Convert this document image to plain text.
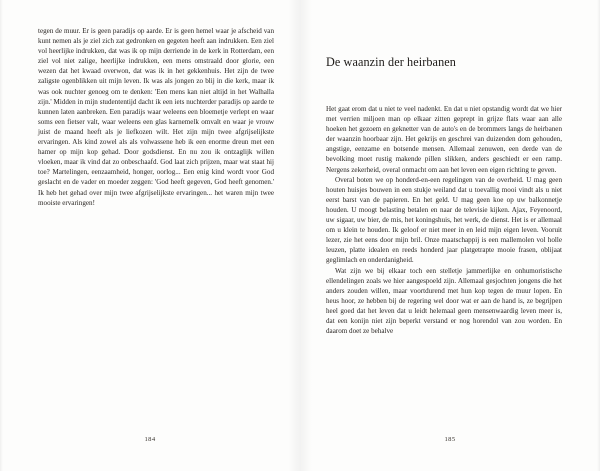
tegen de muur. Er is geen paradijs op aarde. Er is geen hemel waar je afscheid van kunt nemen als je ziel zich zat gedronken en gegeten heeft aan indrukken. Een ziel vol heerlijke indrukken, dat was ik op mijn derriende in de kerk in Rotterdam, een ziel vol niet zalige, heerlijke indrukken, een mens omstraald door glorie, een wezen dat het kwaad overwon, dat was ik in het gekkenhuis. Het zijn de twee zaligste ogenblikken uit mijn leven. Ik was als jongen zo blij in die kerk, maar ik was ook nuchter genoeg om te denken: 'Een mens kan niet altijd in het Walhalla zijn.' Midden in mijn studententijd dacht ik een iets nuchterder paradijs op aarde te kunnen laten aanbreken. Een paradijs waar weleens een bloemetje verlept en waar soms een fietser valt, waar weleens een glas karnemelk omvalt en waar je vrouw juist de maand heeft als je liefkozen wilt. Het zijn mijn twee afgrijselijkste ervaringen. Als kind zowel als als volwassene heb ik een enorme dreun met een hamer op mijn kop gehad. Door godsdienst. En nu zou ik ontzaglijk willen vloeken, maar ik vind dat zo onbeschaafd. God laat zich prijzen, maar wat staat hij toe? Martelingen, eenzaamheid, honger, oorlog... Een enig kind wordt voor God geslacht en de vader en moeder zeggen: 'God heeft gegeven, God heeft genomen.' Ik heb het gehad over mijn twee afgrijselijkste ervaringen... het waren mijn twee mooiste ervaringen!

184
De waanzin der heirbanen

Het gaat erom dat u niet te veel nadenkt. En dat u niet opstandig wordt dat we hier met verrien miljoen man op elkaar zitten geprept in grijze flats waar aan alle hoeken het gezoem en geknetter van de auto's en de brommers langs de heirbanen der waanzin hoorbaar zijn. Het gekrijs en geschrei van duizenden dom gehouden, angstige, eenzame en botsende mensen. Allemaal zenuwen, een derde van de bevolking moet rustig makende pillen slikken, anders geschiedt er een ramp. Nergens zekerheid, overal onmacht om aan het leven een eigen richting te geven.

Overal boten we op honderd-en-een regelingen van de overheid. U mag geen houten huisjes bouwen in een stukje weiland dat u toevallig mooi vindt als u niet eerst barst van de papieren. En het geld. U mag geen koe op uw balkonnetje houden. U moogt belasting betalen en naar de televisie kijken. Ajax, Feyenoord, uw sigaar, uw bier, de mis, het koningshuis, het werk, de dienst. Het is er allemaal om u klein te houden. Ik geloof er niet meer in en leid mijn eigen leven. Vooruit lezer, zie het eens door mijn bril. Onze maatschappij is een mallemolen vol holle leuzen, platte idealen en reeds honderd jaar platgetrapte mooie frasen, oblijaat geglimlach en onderdanigheid.

Wat zijn we bij elkaar toch een stelletje jammerlijke en onhumoristische ellendelingen zoals we hier aangespoeld zijn. Allemaal gesjochten jongens die het anders zouden willen, maar voortdurend met hun kop tegen de muur lopen. En heus hoor, ze hebben bij de regering wel door wat er aan de hand is, ze begrijpen heel goed dat het leven dat u leidt helemaal geen mensenwaardig leven meer is, dat een konijn niet zijn beperkt verstand er nog horendol van zou worden. En daarom doet ze behalve

185
